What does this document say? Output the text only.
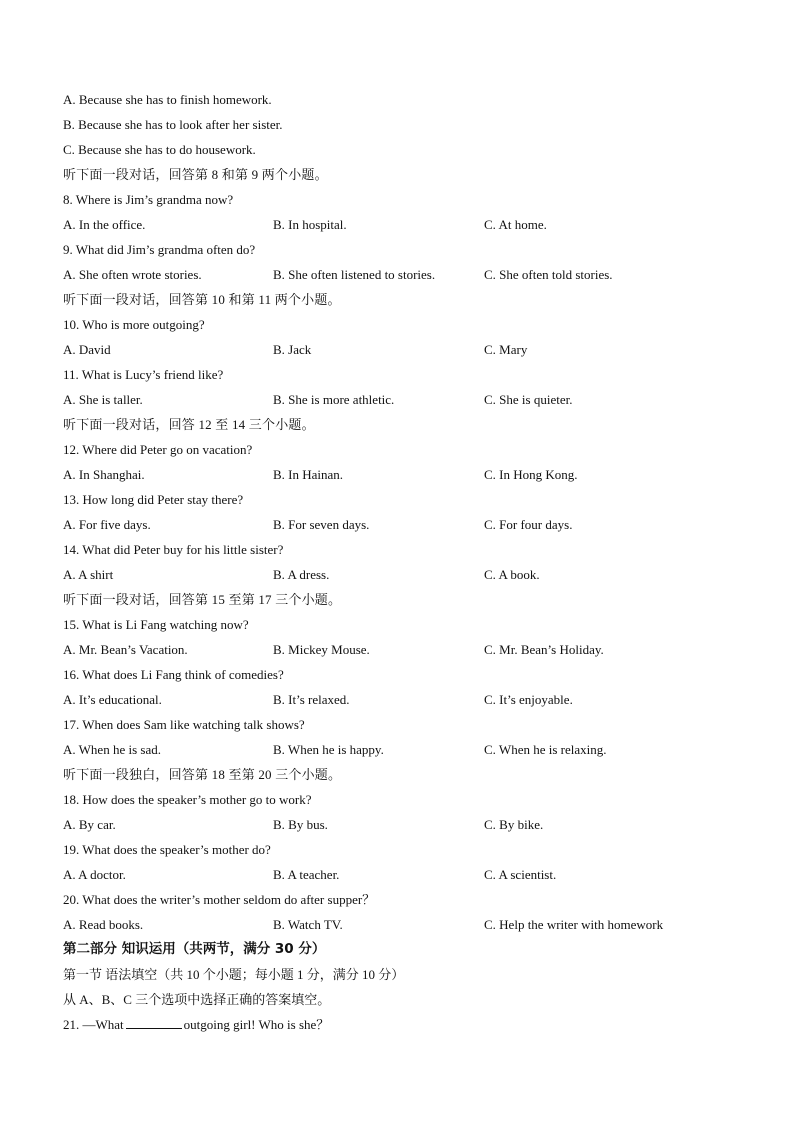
A. Because she has to finish homework.
B. Because she has to look after her sister.
C. Because she has to do housework.
听下面一段对话，回答第 8 和第 9 两个小题。
8. Where is Jim’s grandma now?
A. In the office.	B. In hospital.	C. At home.
9. What did Jim’s grandma often do?
A. She often wrote stories.	B. She often listened to stories.	C. She often told stories.
听下面一段对话，回答第 10 和第 11 两个小题。
10. Who is more outgoing?
A. David	B. Jack	C. Mary
11. What is Lucy’s friend like?
A. She is taller.	B. She is more athletic.	C. She is quieter.
听下面一段对话，回答 12 至 14 三个小题。
12. Where did Peter go on vacation?
A. In Shanghai.	B. In Hainan.	C. In Hong Kong.
13. How long did Peter stay there?
A. For five days.	B. For seven days.	C. For four days.
14. What did Peter buy for his little sister?
A. A shirt	B. A dress.	C. A book.
听下面一段对话，回答第 15 至第 17 三个小题。
15. What is Li Fang watching now?
A. Mr. Bean’s Vacation.	B. Mickey Mouse.	C. Mr. Bean’s Holiday.
16. What does Li Fang think of comedies?
A. It’s educational.	B. It’s relaxed.	C. It’s enjoyable.
17. When does Sam like watching talk shows?
A. When he is sad.	B. When he is happy.	C. When he is relaxing.
听下面一段独白，回答第 18 至第 20 三个小题。
18. How does the speaker’s mother go to work?
A. By car.	B. By bus.	C. By bike.
19. What does the speaker’s mother do?
A. A doctor.	B. A teacher.	C. A scientist.
20. What does the writer’s mother seldom do after supper？
A. Read books.	B. Watch TV.	C. Help the writer with homework
第二部分 知识运用（共两节，满分 30 分）
第一节 语法填空（共 10 个小题；每小题 1 分，满分 10 分）
从 A、B、C 三个选项中选择正确的答案填空。
21. —What	outgoing girl! Who is she？
